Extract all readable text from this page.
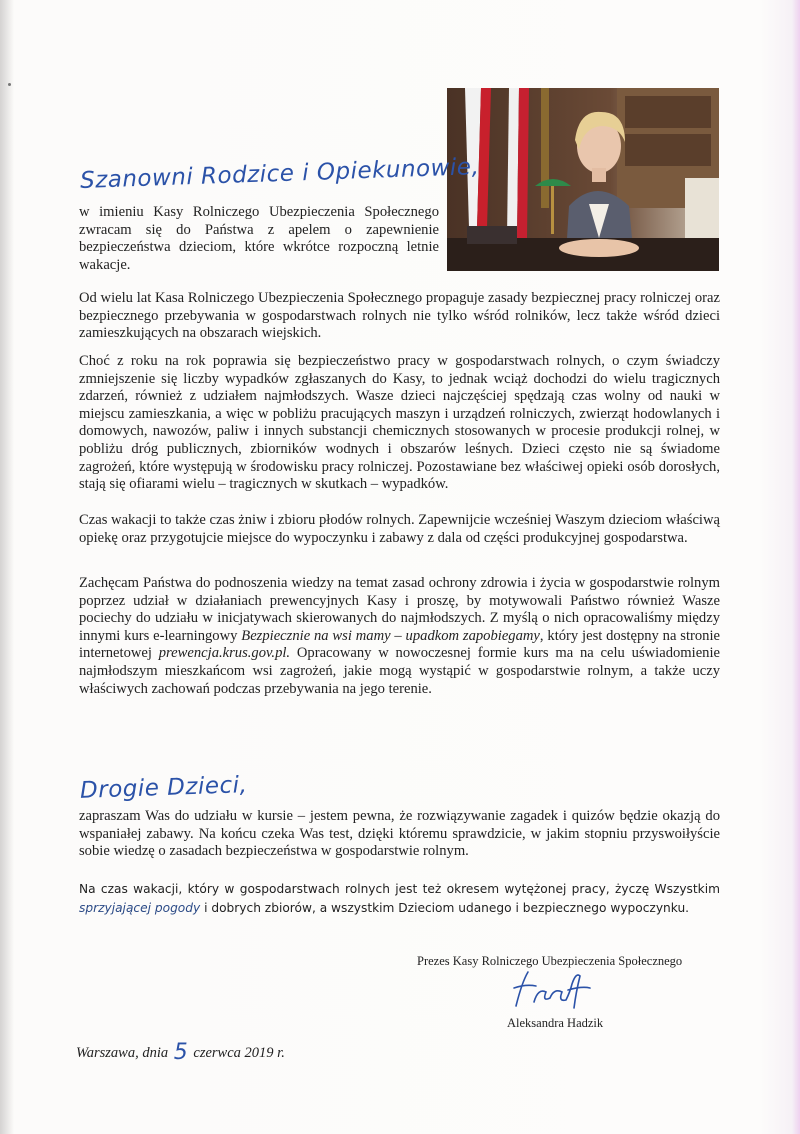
Szanowni Rodzice i Opiekunowie,

w imieniu Kasy Rolniczego Ubezpieczenia Społecznego zwracam się do Państwa z apelem o zapewnienie bezpieczeństwa dzieciom, które wkrótce rozpoczną letnie wakacje.

Od wielu lat Kasa Rolniczego Ubezpieczenia Społecznego propaguje zasady bezpiecznej pracy rolniczej oraz bezpiecznego przebywania w gospodarstwach rolnych nie tylko wśród rolników, lecz także wśród dzieci zamieszkujących na obszarach wiejskich.

Choć z roku na rok poprawia się bezpieczeństwo pracy w gospodarstwach rolnych, o czym świadczy zmniejszenie się liczby wypadków zgłaszanych do Kasy, to jednak wciąż dochodzi do wielu tragicznych zdarzeń, również z udziałem najmłodszych. Wasze dzieci najczęściej spędzają czas wolny od nauki w miejscu zamieszkania, a więc w pobliżu pracujących maszyn i urządzeń rolniczych, zwierząt hodowlanych i domowych, nawozów, paliw i innych substancji chemicznych stosowanych w procesie produkcji rolnej, w pobliżu dróg publicznych, zbiorników wodnych i obszarów leśnych. Dzieci często nie są świadome zagrożeń, które występują w środowisku pracy rolniczej. Pozostawiane bez właściwej opieki osób dorosłych, stają się ofiarami wielu – tragicznych w skutkach – wypadków.

Czas wakacji to także czas żniw i zbioru płodów rolnych. Zapewnijcie wcześniej Waszym dzieciom właściwą opiekę oraz przygotujcie miejsce do wypoczynku i zabawy z dala od części produkcyjnej gospodarstwa.

Zachęcam Państwa do podnoszenia wiedzy na temat zasad ochrony zdrowia i życia w gospodarstwie rolnym poprzez udział w działaniach prewencyjnych Kasy i proszę, by motywowali Państwo również Wasze pociechy do udziału w inicjatywach skierowanych do najmłodszych. Z myślą o nich opracowaliśmy między innymi kurs e-learningowy Bezpiecznie na wsi mamy – upadkom zapobiegamy, który jest dostępny na stronie internetowej prewencja.krus.gov.pl. Opracowany w nowoczesnej formie kurs ma na celu uświadomienie najmłodszym mieszkańcom wsi zagrożeń, jakie mogą wystąpić w gospodarstwie rolnym, a także uczy właściwych zachowań podczas przebywania na jego terenie.

Drogie Dzieci,

zapraszam Was do udziału w kursie – jestem pewna, że rozwiązywanie zagadek i quizów będzie okazją do wspaniałej zabawy. Na końcu czeka Was test, dzięki któremu sprawdzicie, w jakim stopniu przyswoiłyście sobie wiedzę o zasadach bezpieczeństwa w gospodarstwie rolnym.

Na czas wakacji, który w gospodarstwach rolnych jest też okresem wytężonej pracy, życzę Wszystkim sprzyjającej pogody i dobrych zbiorów, a wszystkim Dzieciom udanego i bezpiecznego wypoczynku.

Prezes Kasy Rolniczego Ubezpieczenia Społecznego

Aleksandra Hadzik

Warszawa, dnia 5 czerwca 2019 r.
